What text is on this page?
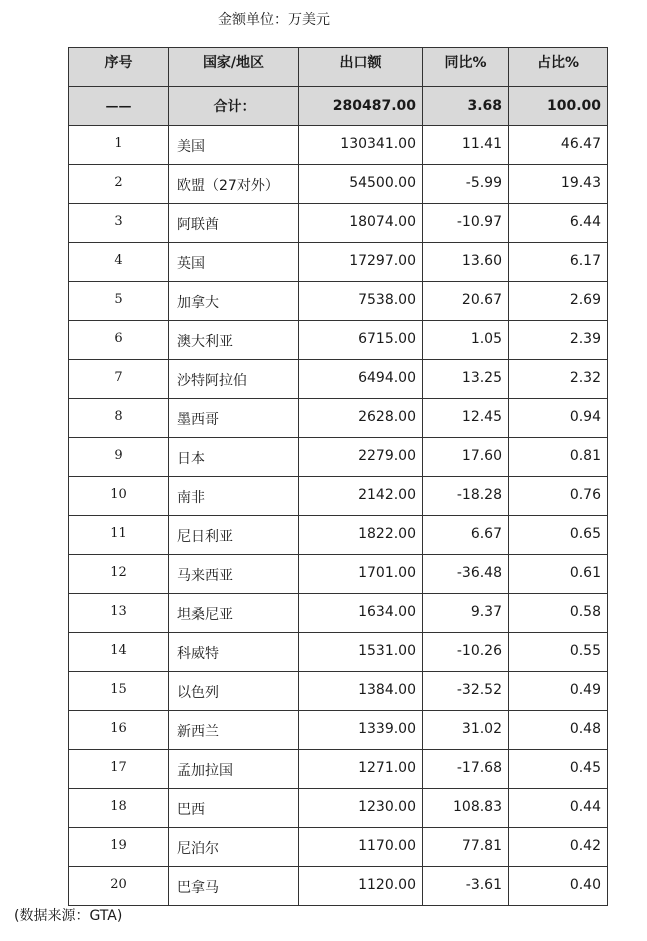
金额单位：万美元
序号	国家/地区	出口额	同比%	占比%
——	合计：	280487.00	3.68	100.00
1	美国	130341.00	11.41	46.47
2	欧盟（27对外）	54500.00	-5.99	19.43
3	阿联酋	18074.00	-10.97	6.44
4	英国	17297.00	13.60	6.17
5	加拿大	7538.00	20.67	2.69
6	澳大利亚	6715.00	1.05	2.39
7	沙特阿拉伯	6494.00	13.25	2.32
8	墨西哥	2628.00	12.45	0.94
9	日本	2279.00	17.60	0.81
10	南非	2142.00	-18.28	0.76
11	尼日利亚	1822.00	6.67	0.65
12	马来西亚	1701.00	-36.48	0.61
13	坦桑尼亚	1634.00	9.37	0.58
14	科威特	1531.00	-10.26	0.55
15	以色列	1384.00	-32.52	0.49
16	新西兰	1339.00	31.02	0.48
17	孟加拉国	1271.00	-17.68	0.45
18	巴西	1230.00	108.83	0.44
19	尼泊尔	1170.00	77.81	0.42
20	巴拿马	1120.00	-3.61	0.40
(数据来源：GTA)
